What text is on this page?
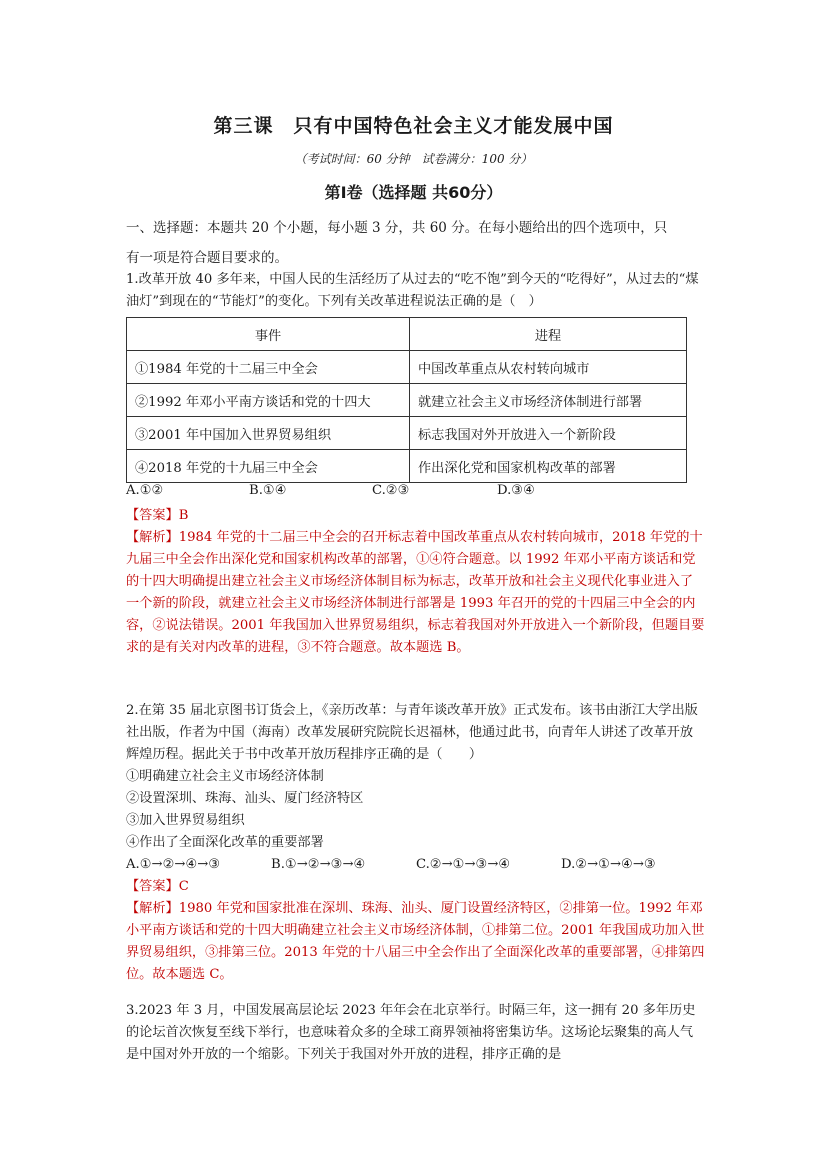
第三课　只有中国特色社会主义才能发展中国
（考试时间：60 分钟　试卷满分：100 分）
第Ⅰ卷（选择题 共60分）
一、选择题：本题共 20 个小题，每小题 3 分，共 60 分。在每小题给出的四个选项中，只
有一项是符合题目要求的。
1.改革开放 40 多年来，中国人民的生活经历了从过去的“吃不饱”到今天的“吃得好”，从过去的“煤油灯”到现在的“节能灯”的变化。下列有关改革进程说法正确的是（　）
事件	进程
①1984 年党的十二届三中全会	中国改革重点从农村转向城市
②1992 年邓小平南方谈话和党的十四大	就建立社会主义市场经济体制进行部署
③2001 年中国加入世界贸易组织	标志我国对外开放进入一个新阶段
④2018 年党的十九届三中全会	作出深化党和国家机构改革的部署
A.①②	B.①④	C.②③	D.③④
【答案】B
【解析】1984 年党的十二届三中全会的召开标志着中国改革重点从农村转向城市，2018 年党的十九届三中全会作出深化党和国家机构改革的部署，①④符合题意。以 1992 年邓小平南方谈话和党的十四大明确提出建立社会主义市场经济体制目标为标志，改革开放和社会主义现代化事业进入了一个新的阶段，就建立社会主义市场经济体制进行部署是 1993 年召开的党的十四届三中全会的内容，②说法错误。2001 年我国加入世界贸易组织，标志着我国对外开放进入一个新阶段，但题目要求的是有关对内改革的进程，③不符合题意。故本题选 B。
2.在第 35 届北京图书订货会上，《亲历改革：与青年谈改革开放》正式发布。该书由浙江大学出版社出版，作者为中国（海南）改革发展研究院院长迟福林，他通过此书，向青年人讲述了改革开放辉煌历程。据此关于书中改革开放历程排序正确的是（　　）
①明确建立社会主义市场经济体制
②设置深圳、珠海、汕头、厦门经济特区
③加入世界贸易组织
④作出了全面深化改革的重要部署
A.①→②→④→③	B.①→②→③→④	C.②→①→③→④	D.②→①→④→③
【答案】C
【解析】1980 年党和国家批准在深圳、珠海、汕头、厦门设置经济特区，②排第一位。1992 年邓小平南方谈话和党的十四大明确建立社会主义市场经济体制，①排第二位。2001 年我国成功加入世界贸易组织，③排第三位。2013 年党的十八届三中全会作出了全面深化改革的重要部署，④排第四位。故本题选 C。
3.2023 年 3 月，中国发展高层论坛 2023 年年会在北京举行。时隔三年，这一拥有 20 多年历史的论坛首次恢复至线下举行，也意味着众多的全球工商界领袖将密集访华。这场论坛聚集的高人气是中国对外开放的一个缩影。下列关于我国对外开放的进程，排序正确的是
